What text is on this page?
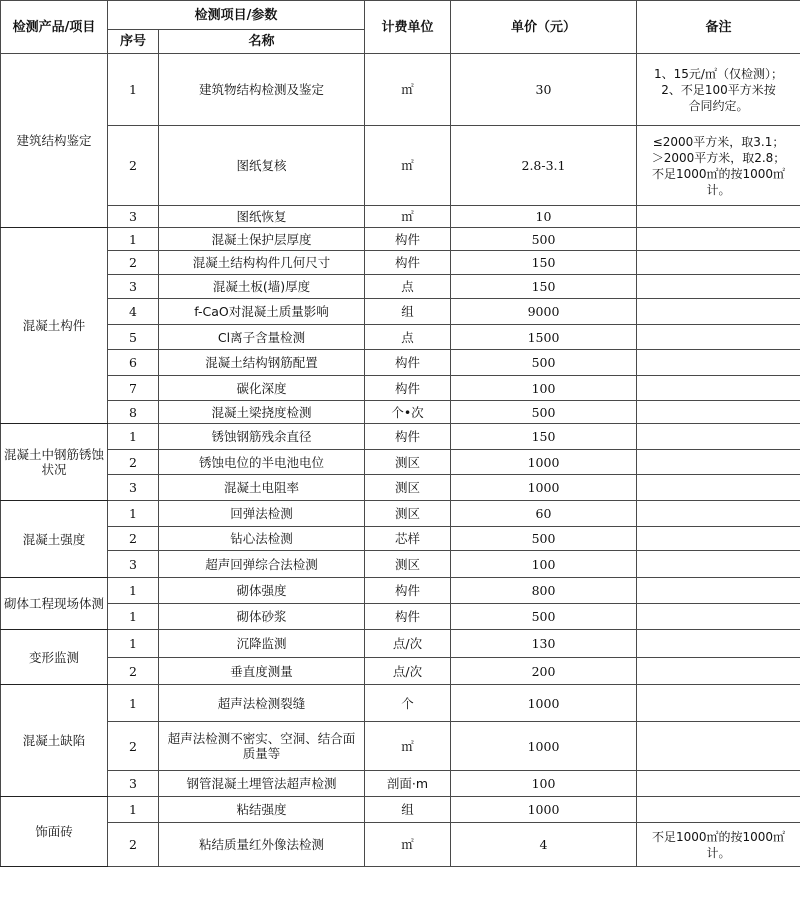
检测产品/项目	检测项目/参数		计费单位	单价（元）	备注
	序号	名称			
建筑结构鉴定	1	建筑物结构检测及鉴定	㎡	30	1、15元/㎡（仅检测）；
2、不足100平方米按
合同约定。

	2	图纸复核	㎡	2.8-3.1	≤2000平方米，取3.1；
＞2000平方米，取2.8；
不足1000㎡的按1000㎡
计。

	3	图纸恢复	㎡	10	
混凝土构件	1	混凝土保护层厚度	构件	500	
	2	混凝土结构构件几何尺寸	构件	150	
	3	混凝土板(墙)厚度	点	150	
	4	f-CaO对混凝土质量影响	组	9000	
	5	Cl离子含量检测	点	1500	
	6	混凝土结构钢筋配置	构件	500	
	7	碳化深度	构件	100	
	8	混凝土梁挠度检测	个•次	500	
混凝土中钢筋锈蚀状况	1	锈蚀钢筋残余直径	构件	150	
	2	锈蚀电位的半电池电位	测区	1000	
	3	混凝土电阻率	测区	1000	
混凝土强度	1	回弹法检测	测区	60	
	2	钻心法检测	芯样	500	
	3	超声回弹综合法检测	测区	100	
砌体工程现场体测	1	砌体强度	构件	800	
	1	砌体砂浆	构件	500	
变形监测	1	沉降监测	点/次	130	
	2	垂直度测量	点/次	200	
混凝土缺陷	1	超声法检测裂缝	个	1000	
	2	超声法检测不密实、空洞、结合面质量等	㎡	1000	
	3	钢管混凝土埋管法超声检测	剖面·m	100	
饰面砖	1	粘结强度	组	1000	
	2	粘结质量红外像法检测	㎡	4	不足1000㎡的按1000㎡
计。
